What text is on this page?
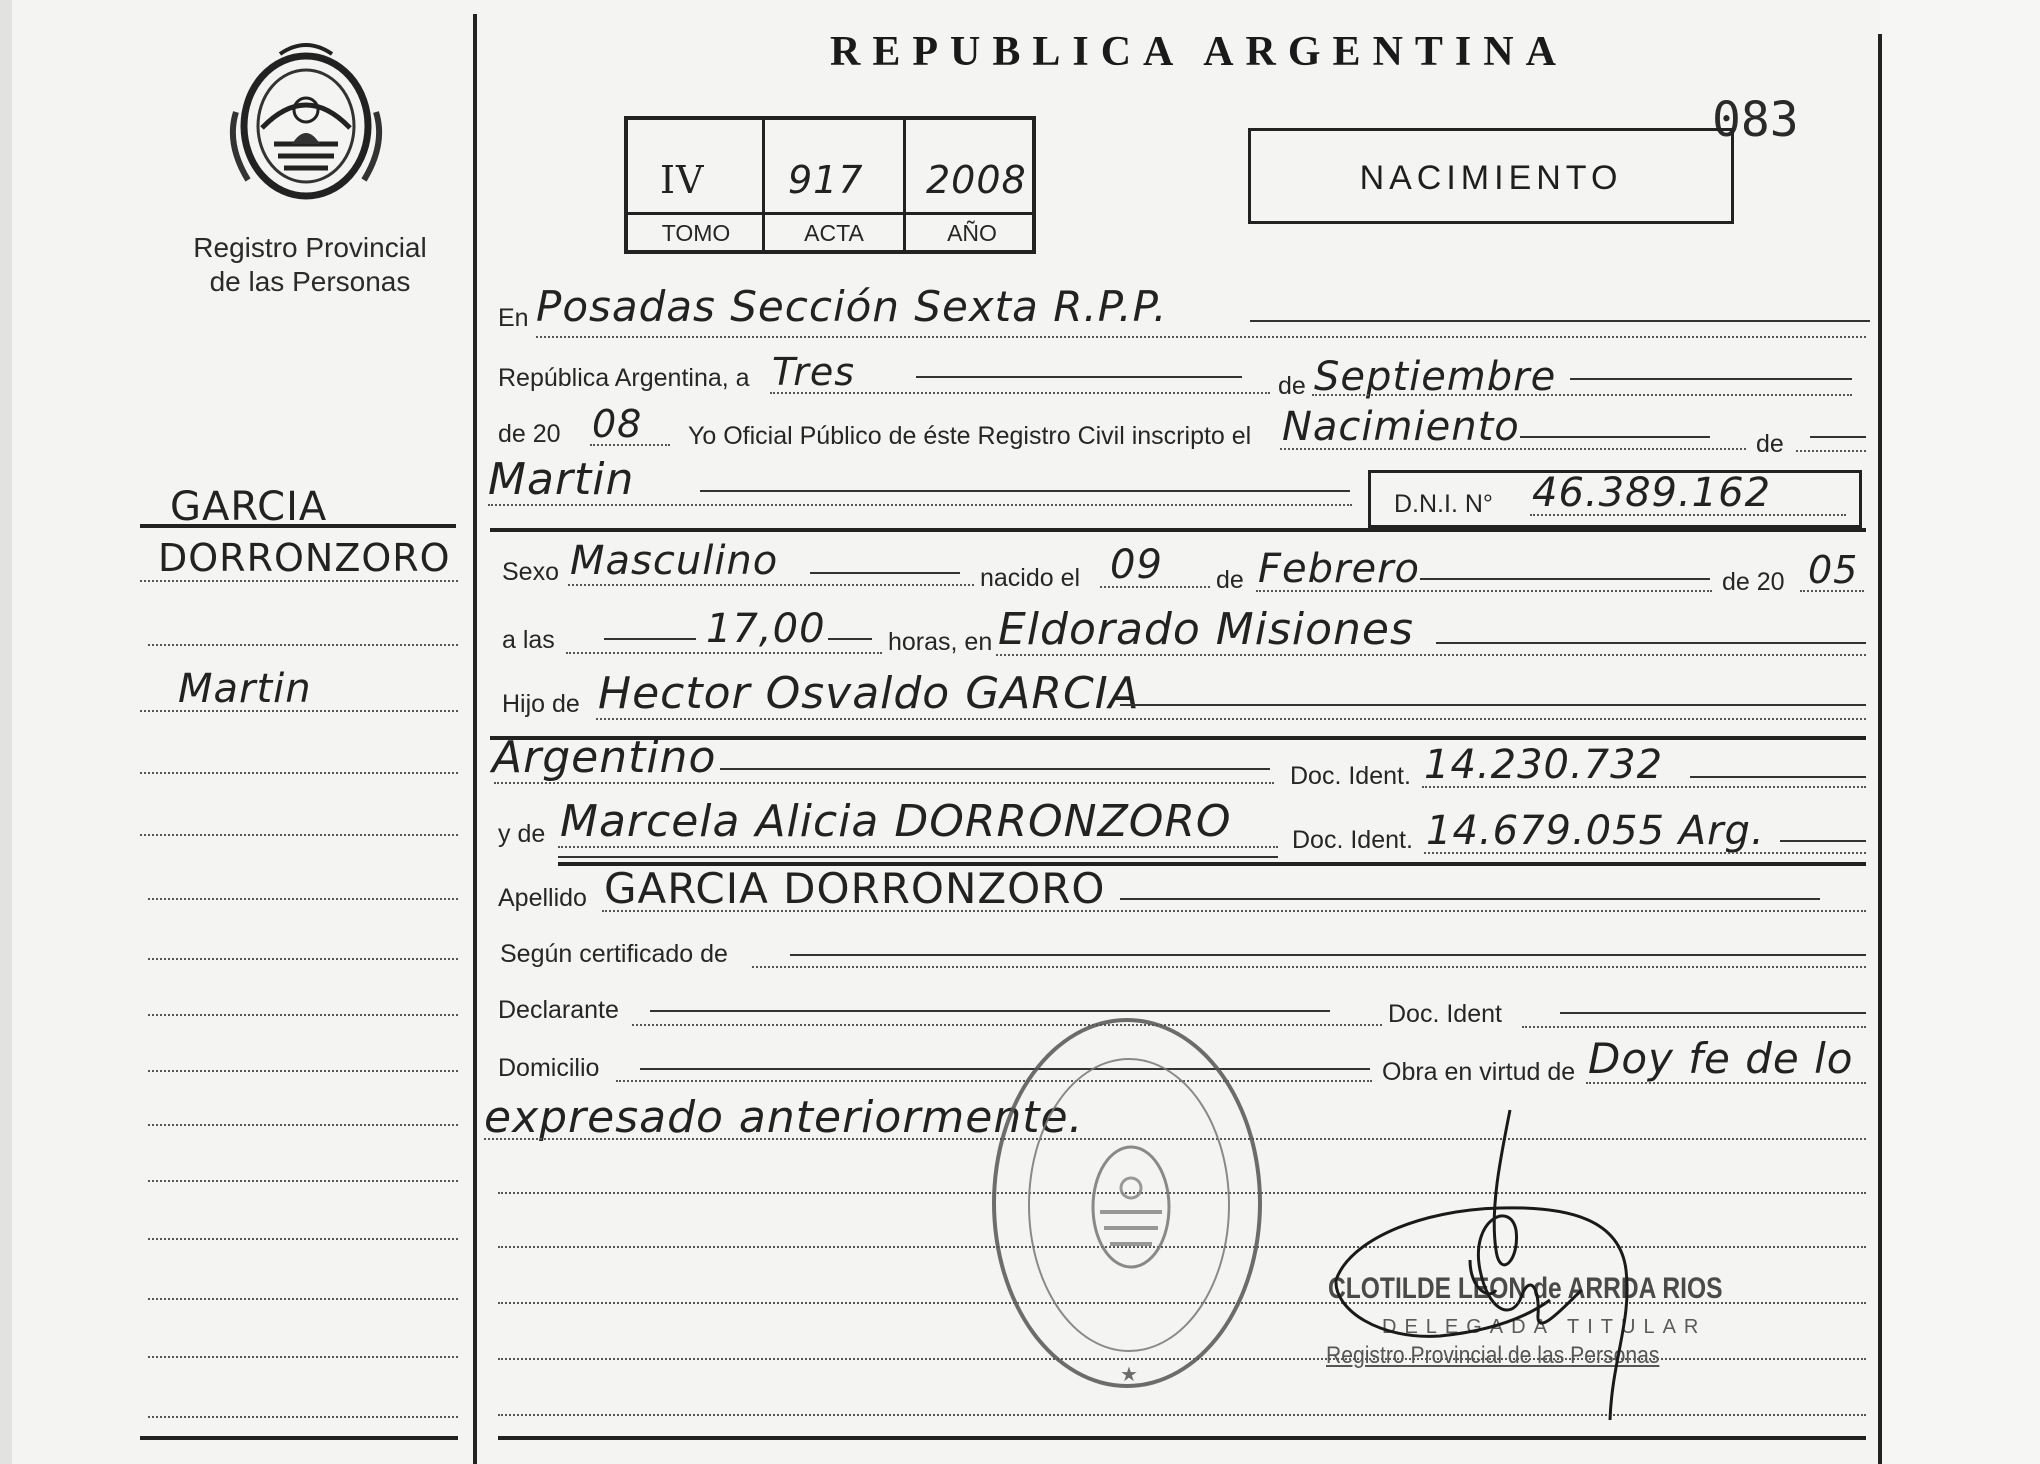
Registro Provincial
de las Personas
REPUBLICA ARGENTINA
083
IV 917 2008
TOMO	ACTA	AÑO
NACIMIENTO
GARCIA
DORRONZORO
Martin
En Posadas Sección Sexta R.P.P.
República Argentina, a Tres	de Septiembre
de 20 08 Yo Oficial Público de éste Registro Civil inscripto el Nacimiento	de
Martin	D.N.I. N° 46.389.162
Sexo Masculino	nacido el 09 de Febrero	de 20 05
a las	17,00 horas, en Eldorado Misiones
Hijo de Hector Osvaldo GARCIA
Argentino	Doc. Ident. 14.230.732
y de Marcela Alicia DORRONZORO Doc. Ident. 14.679.055 Arg.
Apellido GARCIA DORRONZORO
Según certificado de
Declarante	Doc. Ident
Domicilio	Obra en virtud de Doy fe de lo
expresado anteriormente.
★
CLOTILDE LEON de ARRDA RIOS
DELEGADA TITULAR
Registro Provincial de las Personas
